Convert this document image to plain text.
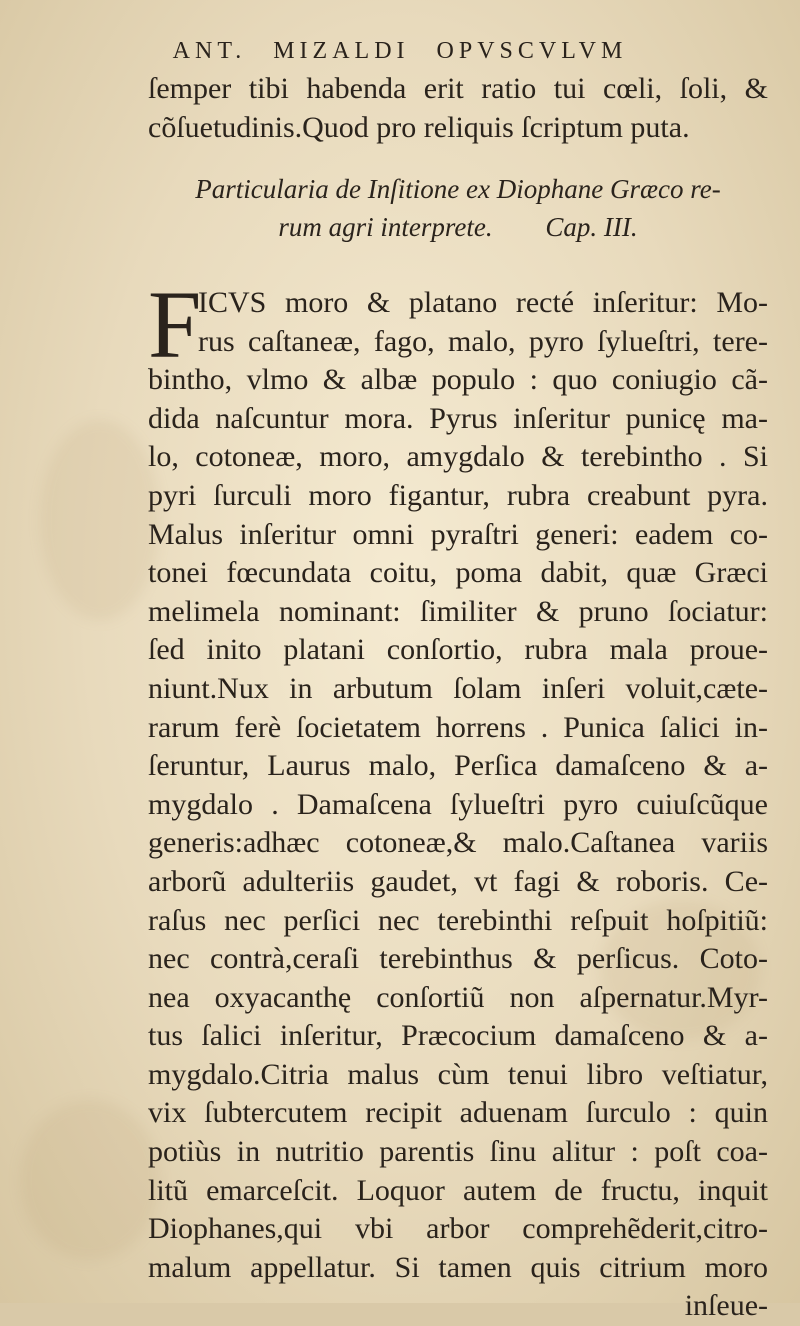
ANT. MIZALDI OPVSCVLVM
ſemper tibi habenda erit ratio tui cœli, ſoli, &
cõſuetudinis.Quod pro reliquis ſcriptum puta.
Particularia de Inſitione ex Diophane Græco re-
rum agri interprete. Cap. III.
F
ICVS moro & platano recté inſeritur: Mo-
rus caſtaneæ, fago, malo, pyro ſylueſtri, tere-
bintho, vlmo & albæ populo : quo coniugio cã-
dida naſcuntur mora. Pyrus inſeritur punicę ma-
lo, cotoneæ, moro, amygdalo & terebintho . Si
pyri ſurculi moro figantur, rubra creabunt pyra.
Malus inſeritur omni pyraſtri generi: eadem co-
tonei fœcundata coitu, poma dabit, quæ Græci
melimela nominant: ſimiliter & pruno ſociatur:
ſed inito platani conſortio, rubra mala proue-
niunt.Nux in arbutum ſolam inſeri voluit,cæte-
rarum ferè ſocietatem horrens . Punica ſalici in-
ſeruntur, Laurus malo, Perſica damaſceno & a-
mygdalo . Damaſcena ſylueſtri pyro cuiuſcũque
generis:adhæc cotoneæ,& malo.Caſtanea variis
arborũ adulteriis gaudet, vt fagi & roboris. Ce-
raſus nec perſici nec terebinthi reſpuit hoſpitiũ:
nec contrà,ceraſi terebinthus & perſicus. Coto-
nea oxyacanthę conſortiũ non aſpernatur.Myr-
tus ſalici inſeritur, Præcocium damaſceno & a-
mygdalo.Citria malus cùm tenui libro veſtiatur,
vix ſubtercutem recipit aduenam ſurculo : quin
potiùs in nutritio parentis ſinu alitur : poſt coa-
litũ emarceſcit. Loquor autem de fructu, inquit
Diophanes,qui vbi arbor comprehẽderit,citro-
malum appellatur. Si tamen quis citrium moro
inſeue-
